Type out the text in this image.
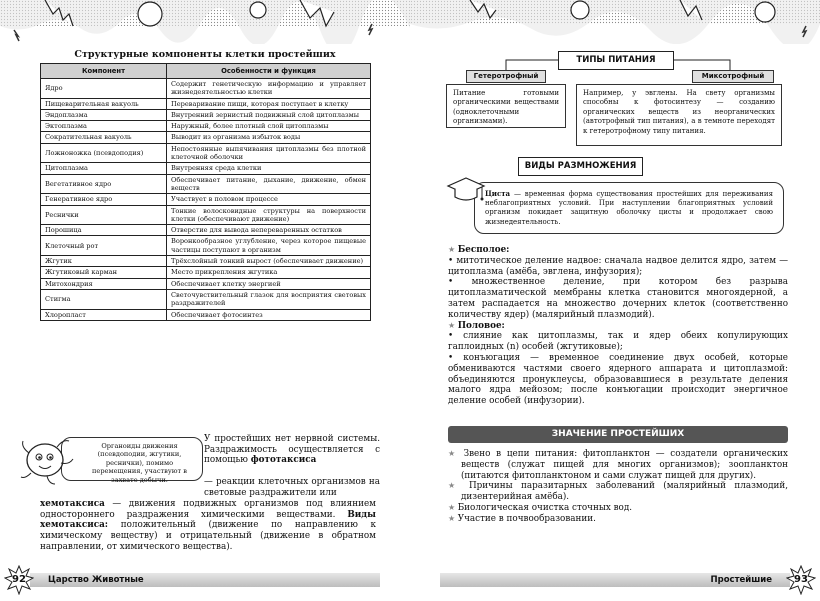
Структурные компоненты клетки простейших
Компонент	Особенности и функция
Ядро	Содержит генетическую информацию и управляет жизнедеятельностью клетки
Пищеварительная вакуоль	Переваривание пищи, которая поступает в клетку
Эндоплазма	Внутренний зернистый подвижный слой цитоплазмы
Эктоплазма	Наружный, более плотный слой цитоплазмы
Сократительная вакуоль	Выводит из организма избыток воды
Ложноножка (псевдоподия)	Непостоянные выпячивания цитоплазмы без плотной клеточной оболочки
Цитоплазма	Внутренняя среда клетки
Вегетативное ядро	Обеспечивает питание, дыхание, движение, обмен веществ
Генеративное ядро	Участвует в половом процессе
Реснички	Тонкие волосковидные структуры на поверхности клетки (обеспечивают движение)
Порошица	Отверстие для вывода непереваренных остатков
Клеточный рот	Воронкообразное углубление, через которое пищевые частицы поступают в организм
Жгутик	Трёхслойный тонкий вырост (обеспечивает движение)
Жгутиковый карман	Место прикрепления жгутика
Митохондрия	Обеспечивает клетку энергией
Стигма	Светочувствительный глазок для восприятия световых раздражителей
Хлоропласт	Обеспечивает фотосинтез
Органоиды движения (псевдоподии, жгутики, реснички), помимо перемещения, участвуют в захвате добычи.
У простейших нет нервной системы. Раздражимость осуществляется с помощью фототаксиса
— реакции клеточных организмов на световые раздражители или
хемотаксиса — движения подвижных организмов под влиянием одностороннего раздражения химическими веществами. Виды хемотаксиса: положительный (движение по направлению к химическому веществу) и отрицательный (движение в обратном направлении, от химического вещества).
92	Царство Животные
ТИПЫ ПИТАНИЯ
Гетеротрофный	Миксотрофный
Питание готовыми органическими веществами (одноклеточными организмами).
Например, у эвглены. На свету организмы способны к фотосинтезу — созданию органических веществ из неорганических (автотрофный тип питания), а в темноте переходят к гетеротрофному типу питания.
ВИДЫ РАЗМНОЖЕНИЯ
Циста — временная форма существования простейших для переживания неблагоприятных условий. При наступлении благоприятных условий организм покидает защитную оболочку цисты и продолжает свою жизнедеятельность.

★ Бесполое:

• митотическое деление надвое: сначала надвое делится ядро, затем — цитоплазма (амёба, эвглена, инфузория);

• множественное деление, при котором без разрыва цитоплазматической мембраны клетка становится многоядерной, а затем распадается на множество дочерних клеток (соответственно количеству ядер) (малярийный плазмодий).

★ Половое:

• слияние как цитоплазмы, так и ядер обеих копулирующих гаплоидных (n) особей (жгутиковые);

• конъюгация — временное соединение двух особей, которые обмениваются частями своего ядерного аппарата и цитоплазмой: объединяются пронуклеусы, образовавшиеся в результате деления малого ядра мейозом; после конъюгации происходит энергичное деление особей (инфузории).

ЗНАЧЕНИЕ ПРОСТЕЙШИХ

★ Звено в цепи питания: фитопланктон — создатели органических веществ (служат пищей для многих организмов); зоопланктон (питаются фитопланктоном и сами служат пищей для других).

★ Причины паразитарных заболеваний (малярийный плазмодий, дизентерийная амёба).

★ Биологическая очистка сточных вод.

★ Участие в почвообразовании.

Простейшие	93
